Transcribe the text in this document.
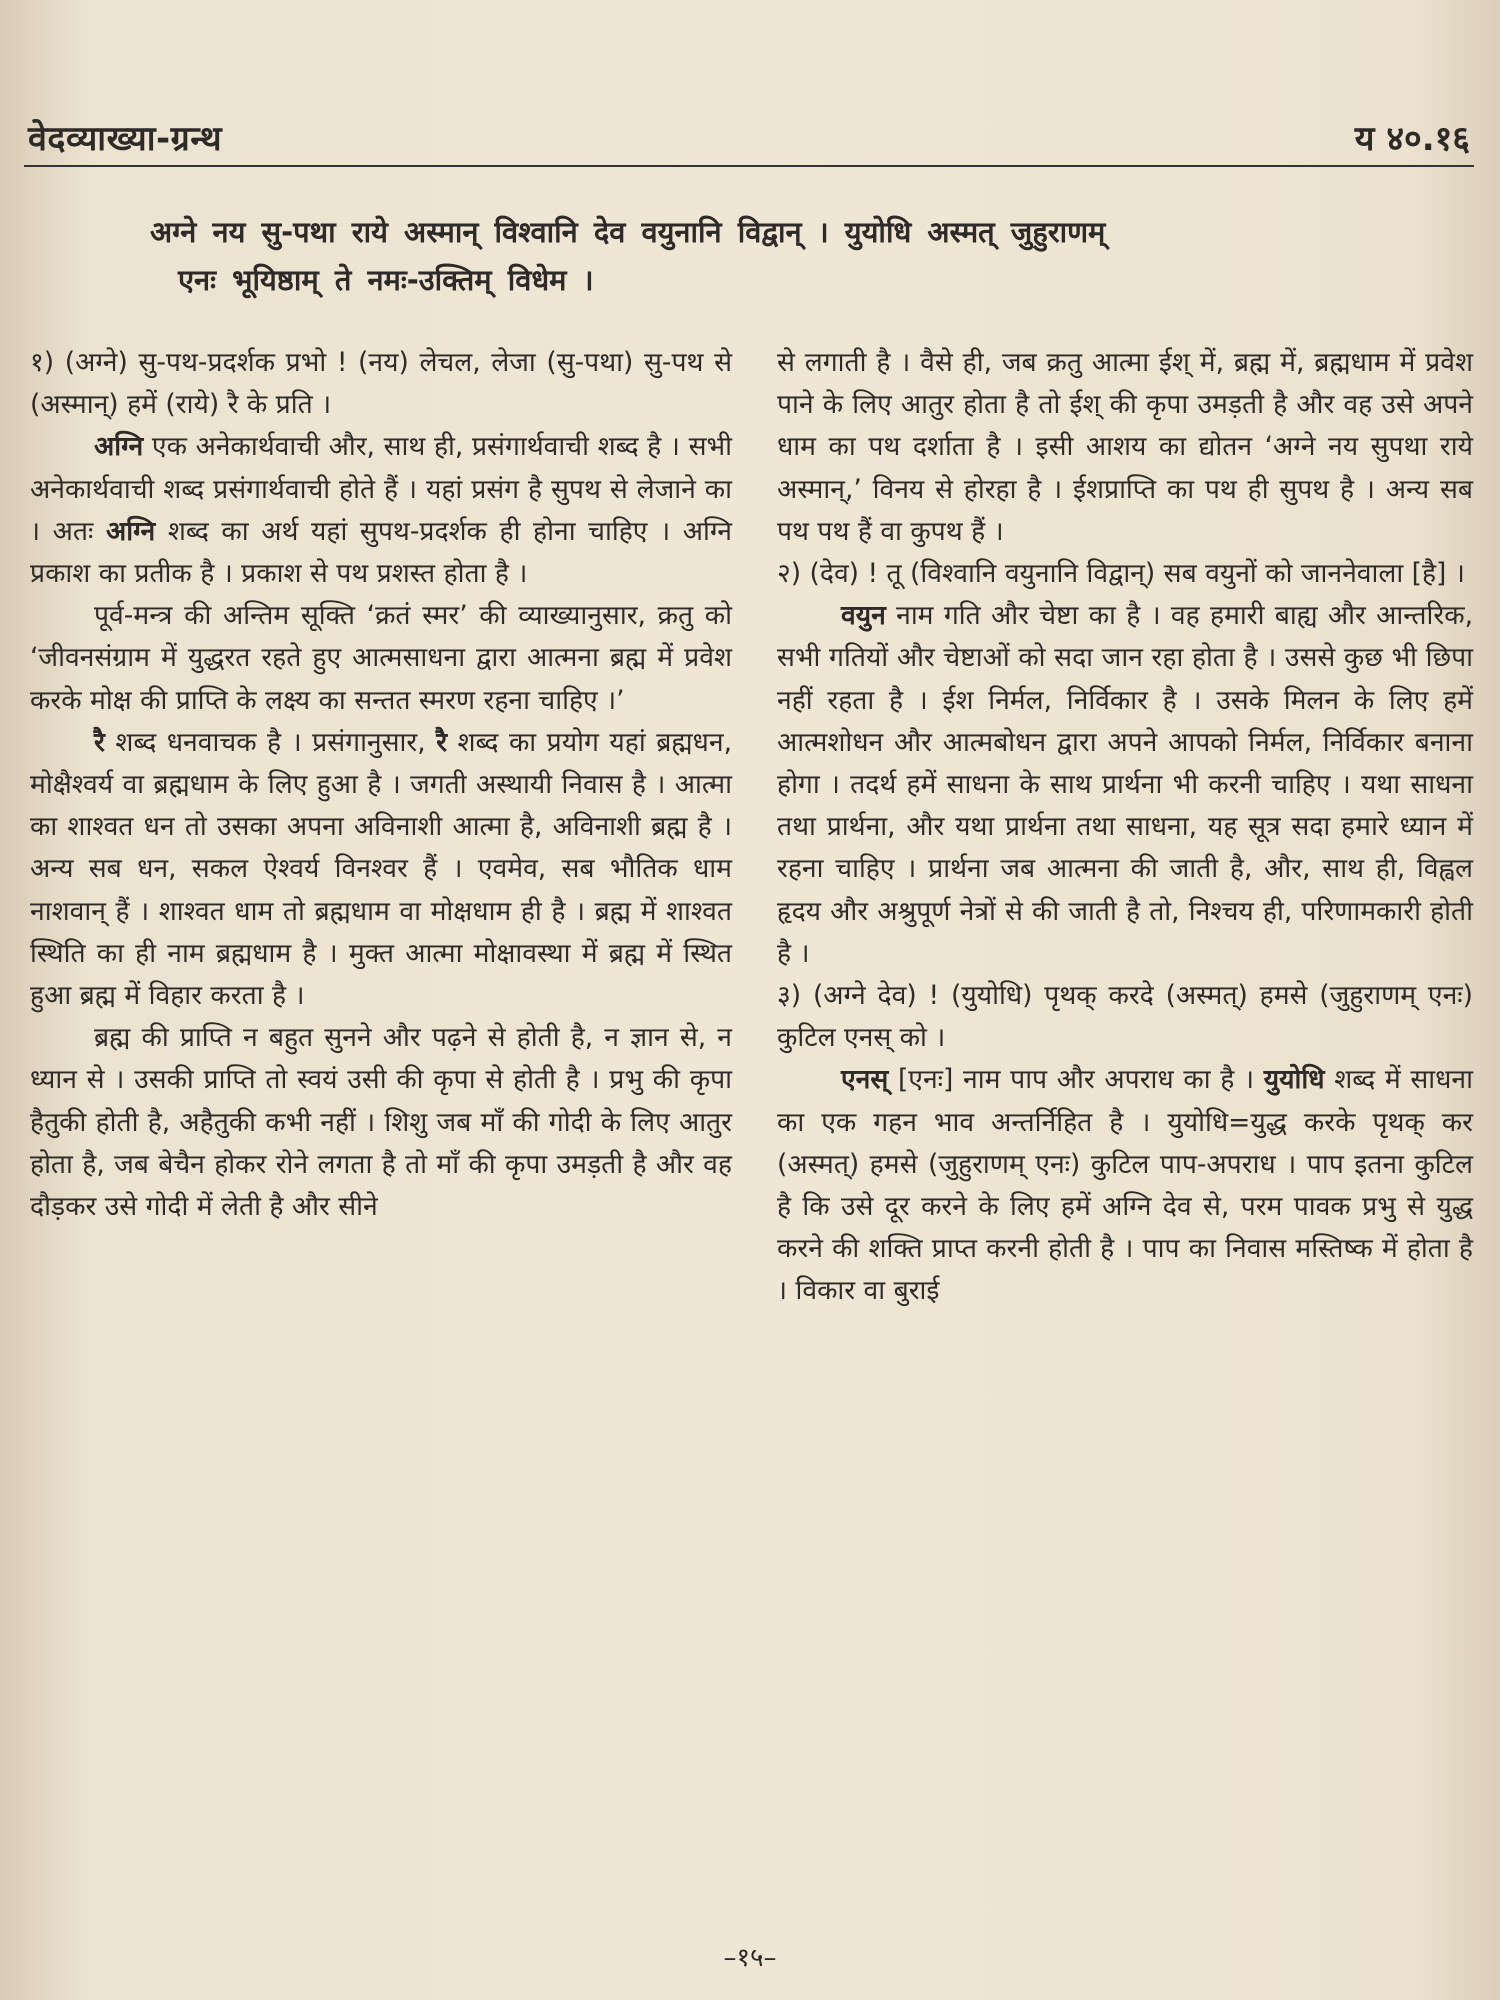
वेदव्याख्या-ग्रन्थ	य ४०.१६

अग्ने नय सु-पथा राये अस्मान् विश्वानि देव वयुनानि विद्वान् । युयोधि अस्मत् जुहुराणम्

एनः भूयिष्ठाम् ते नमः-उक्तिम् विधेम ।

१) (अग्ने) सु-पथ-प्रदर्शक प्रभो ! (नय) लेचल, लेजा (सु-पथा) सु-पथ से (अस्मान्) हमें (राये) रै के प्रति ।

अग्नि एक अनेकार्थवाची और, साथ ही, प्रसंगार्थवाची शब्द है । सभी अनेकार्थवाची शब्द प्रसंगार्थवाची होते हैं । यहां प्रसंग है सुपथ से लेजाने का । अतः अग्नि शब्द का अर्थ यहां सुपथ-प्रदर्शक ही होना चाहिए । अग्नि प्रकाश का प्रतीक है । प्रकाश से पथ प्रशस्त होता है ।

पूर्व-मन्त्र की अन्तिम सूक्ति ‘क्रतं स्मर’ की व्याख्यानुसार, क्रतु को ‘जीवनसंग्राम में युद्धरत रहते हुए आत्मसाधना द्वारा आत्मना ब्रह्म में प्रवेश करके मोक्ष की प्राप्ति के लक्ष्य का सन्तत स्मरण रहना चाहिए ।’

रै शब्द धनवाचक है । प्रसंगानुसार, रै शब्द का प्रयोग यहां ब्रह्मधन, मोक्षैश्वर्य वा ब्रह्मधाम के लिए हुआ है । जगती अस्थायी निवास है । आत्मा का शाश्वत धन तो उसका अपना अविनाशी आत्मा है, अविनाशी ब्रह्म है । अन्य सब धन, सकल ऐश्वर्य विनश्वर हैं । एवमेव, सब भौतिक धाम नाशवान् हैं । शाश्वत धाम तो ब्रह्मधाम वा मोक्षधाम ही है । ब्रह्म में शाश्वत स्थिति का ही नाम ब्रह्मधाम है । मुक्त आत्मा मोक्षावस्था में ब्रह्म में स्थित हुआ ब्रह्म में विहार करता है ।

ब्रह्म की प्राप्ति न बहुत सुनने और पढ़ने से होती है, न ज्ञान से, न ध्यान से । उसकी प्राप्ति तो स्वयं उसी की कृपा से होती है । प्रभु की कृपा हैतुकी होती है, अहैतुकी कभी नहीं । शिशु जब माँ की गोदी के लिए आतुर होता है, जब बेचैन होकर रोने लगता है तो माँ की कृपा उमड़ती है और वह दौड़कर उसे गोदी में लेती है और सीने

से लगाती है । वैसे ही, जब क्रतु आत्मा ईश् में, ब्रह्म में, ब्रह्मधाम में प्रवेश पाने के लिए आतुर होता है तो ईश् की कृपा उमड़ती है और वह उसे अपने धाम का पथ दर्शाता है । इसी आशय का द्योतन ‘अग्ने नय सुपथा राये अस्मान्,’ विनय से होरहा है । ईशप्राप्ति का पथ ही सुपथ है । अन्य सब पथ पथ हैं वा कुपथ हैं ।

२) (देव) ! तू (विश्वानि वयुनानि विद्वान्) सब वयुनों को जाननेवाला [है] ।

वयुन नाम गति और चेष्टा का है । वह हमारी बाह्य और आन्तरिक, सभी गतियों और चेष्टाओं को सदा जान रहा होता है । उससे कुछ भी छिपा नहीं रहता है । ईश निर्मल, निर्विकार है । उसके मिलन के लिए हमें आत्मशोधन और आत्मबोधन द्वारा अपने आपको निर्मल, निर्विकार बनाना होगा । तदर्थ हमें साधना के साथ प्रार्थना भी करनी चाहिए । यथा साधना तथा प्रार्थना, और यथा प्रार्थना तथा साधना, यह सूत्र सदा हमारे ध्यान में रहना चाहिए । प्रार्थना जब आत्मना की जाती है, और, साथ ही, विह्वल हृदय और अश्रुपूर्ण नेत्रों से की जाती है तो, निश्चय ही, परिणामकारी होती है ।

३) (अग्ने देव) ! (युयोधि) पृथक् करदे (अस्मत्) हमसे (जुहुराणम् एनः) कुटिल एनस् को ।

एनस् [एनः] नाम पाप और अपराध का है । युयोधि शब्द में साधना का एक गहन भाव अन्तर्निहित है । युयोधि=युद्ध करके पृथक् कर (अस्मत्) हमसे (जुहुराणम् एनः) कुटिल पाप-अपराध । पाप इतना कुटिल है कि उसे दूर करने के लिए हमें अग्नि देव से, परम पावक प्रभु से युद्ध करने की शक्ति प्राप्त करनी होती है । पाप का निवास मस्तिष्क में होता है । विकार वा बुराई

–१५–
